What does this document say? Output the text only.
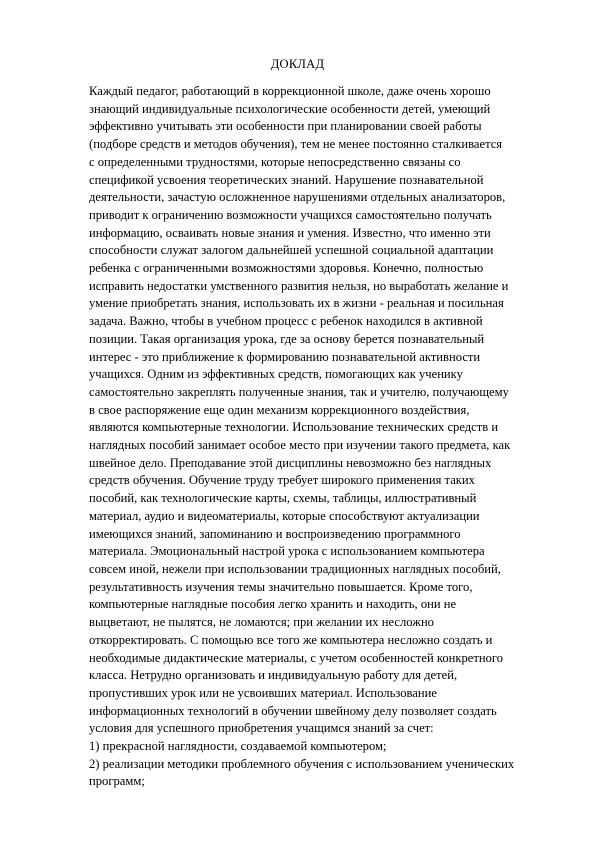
ДОКЛАД
Каждый педагог, работающий в коррекционной школе, даже очень хорошо
знающий индивидуальные психологические особенности детей, умеющий
эффективно учитывать эти особенности при планировании своей работы
(подборе средств и методов обучения), тем не менее постоянно сталкивается
с определенными трудностями, которые непосредственно связаны со
спецификой усвоения теоретических знаний. Нарушение познавательной
деятельности, зачастую осложненное нарушениями отдельных анализаторов,
приводит к ограничению возможности учащихся самостоятельно получать
информацию, осваивать новые знания и умения. Известно, что именно эти
способности служат залогом дальнейшей успешной социальной адаптации
ребенка с ограниченными возможностями здоровья. Конечно, полностью
исправить недостатки умственного развития нельзя, но выработать желание и
умение приобретать знания, использовать их в жизни - реальная и посильная
задача. Важно, чтобы в учебном процесс с ребенок находился в активной
позиции. Такая организация урока, где за основу берется познавательный
интерес - это приближение к формированию познавательной активности
учащихся. Одним из эффективных средств, помогающих как ученику
самостоятельно закреплять полученные знания, так и учителю, получающему
в свое распоряжение еще один механизм коррекционного воздействия,
являются компьютерные технологии. Использование технических средств и
наглядных пособий занимает особое место при изучении такого предмета, как
швейное дело. Преподавание этой дисциплины невозможно без наглядных
средств обучения. Обучение труду требует широкого применения таких
пособий, как технологические карты, схемы, таблицы, иллюстративный
материал, аудио и видеоматериалы, которые способствуют актуализации
имеющихся знаний, запоминанию и воспроизведению программного
материала. Эмоциональный настрой урока с использованием компьютера
совсем иной, нежели при использовании традиционных наглядных пособий,
результативность изучения темы значительно повышается. Кроме того,
компьютерные наглядные пособия легко хранить и находить, они не
выцветают, не пылятся, не ломаются; при желании их несложно
откорректировать. С помощью все того же компьютера несложно создать и
необходимые дидактические материалы, с учетом особенностей конкретного
класса. Нетрудно организовать и индивидуальную работу для детей,
пропустивших урок или не усвоивших материал. Использование
информационных технологий в обучении швейному делу позволяет создать
условия для успешного приобретения учащимся знаний за счет:
1) прекрасной наглядности, создаваемой компьютером;
2) реализации методики проблемного обучения с использованием ученических
программ;
